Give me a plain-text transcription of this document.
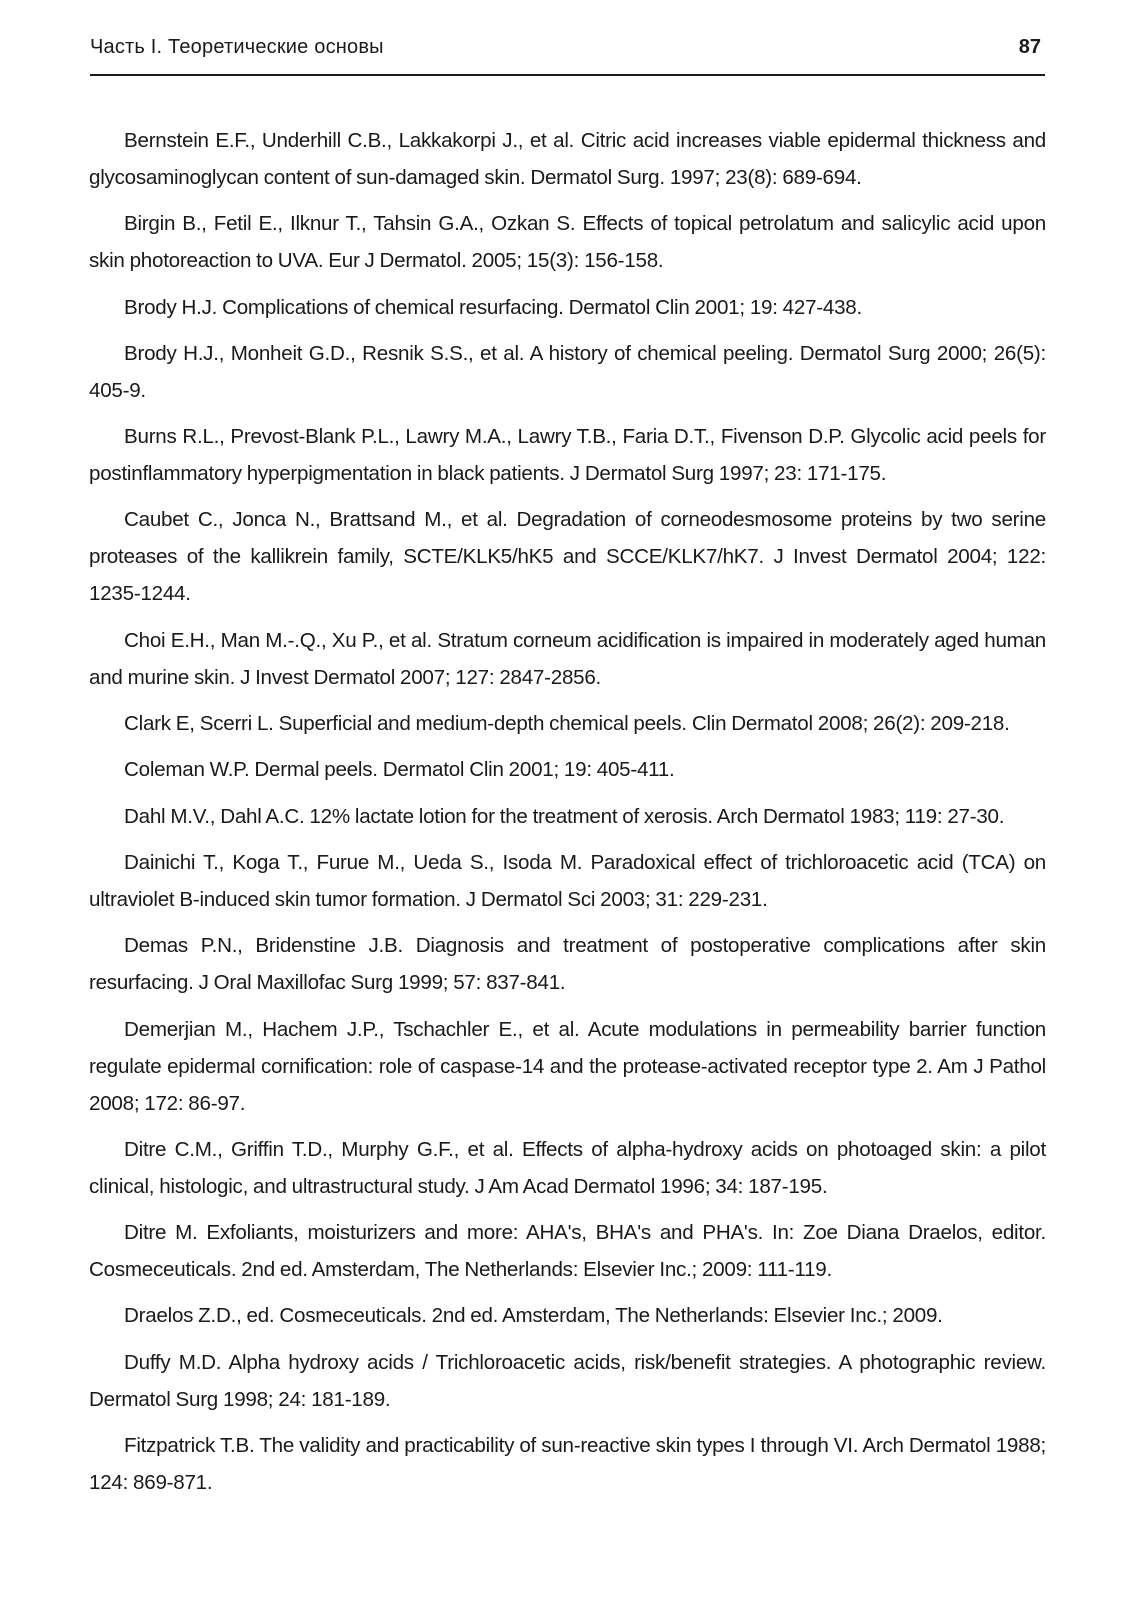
Часть I. Теоретические основы	87
Bernstein E.F., Underhill C.B., Lakkakorpi J., et al. Citric acid increases viable epidermal thickness and glycosaminoglycan content of sun-damaged skin. Dermatol Surg. 1997; 23(8): 689-694.
Birgin B., Fetil E., Ilknur T., Tahsin G.A., Ozkan S. Effects of topical petrolatum and salicylic acid upon skin photoreaction to UVA. Eur J Dermatol. 2005; 15(3): 156-158.
Brody H.J. Complications of chemical resurfacing. Dermatol Clin 2001; 19: 427-438.
Brody H.J., Monheit G.D., Resnik S.S., et al. A history of chemical peeling. Dermatol Surg 2000; 26(5): 405-9.
Burns R.L., Prevost-Blank P.L., Lawry M.A., Lawry T.B., Faria D.T., Fivenson D.P. Glycolic acid peels for postinflammatory hyperpigmentation in black patients. J Dermatol Surg 1997; 23: 171-175.
Caubet C., Jonca N., Brattsand M., et al. Degradation of corneodesmosome proteins by two serine proteases of the kallikrein family, SCTE/KLK5/hK5 and SCCE/KLK7/hK7. J Invest Dermatol 2004; 122: 1235-1244.
Choi E.H., Man M.-.Q., Xu P., et al. Stratum corneum acidification is impaired in moderately aged human and murine skin. J Invest Dermatol 2007; 127: 2847-2856.
Clark E, Scerri L. Superficial and medium-depth chemical peels. Clin Dermatol 2008; 26(2): 209-218.
Coleman W.P. Dermal peels. Dermatol Clin 2001; 19: 405-411.
Dahl M.V., Dahl A.C. 12% lactate lotion for the treatment of xerosis. Arch Dermatol 1983; 119: 27-30.
Dainichi T., Koga T., Furue M., Ueda S., Isoda M. Paradoxical effect of trichloroacetic acid (TCA) on ultraviolet B-induced skin tumor formation. J Dermatol Sci 2003; 31: 229-231.
Demas P.N., Bridenstine J.B. Diagnosis and treatment of postoperative complications after skin resurfacing. J Oral Maxillofac Surg 1999; 57: 837-841.
Demerjian M., Hachem J.P., Tschachler E., et al. Acute modulations in permeability barrier function regulate epidermal cornification: role of caspase-14 and the protease-activated receptor type 2. Am J Pathol 2008; 172: 86-97.
Ditre C.M., Griffin T.D., Murphy G.F., et al. Effects of alpha-hydroxy acids on photoaged skin: a pilot clinical, histologic, and ultrastructural study. J Am Acad Dermatol 1996; 34: 187-195.
Ditre M. Exfoliants, moisturizers and more: AHA's, BHA's and PHA's. In: Zoe Diana Draelos, editor. Cosmeceuticals. 2nd ed. Amsterdam, The Netherlands: Elsevier Inc.; 2009: 111-119.
Draelos Z.D., ed. Cosmeceuticals. 2nd ed. Amsterdam, The Netherlands: Elsevier Inc.; 2009.
Duffy M.D. Alpha hydroxy acids / Trichloroacetic acids, risk/benefit strategies. A photographic review. Dermatol Surg 1998; 24: 181-189.
Fitzpatrick T.B. The validity and practicability of sun-reactive skin types I through VI. Arch Dermatol 1988; 124: 869-871.
